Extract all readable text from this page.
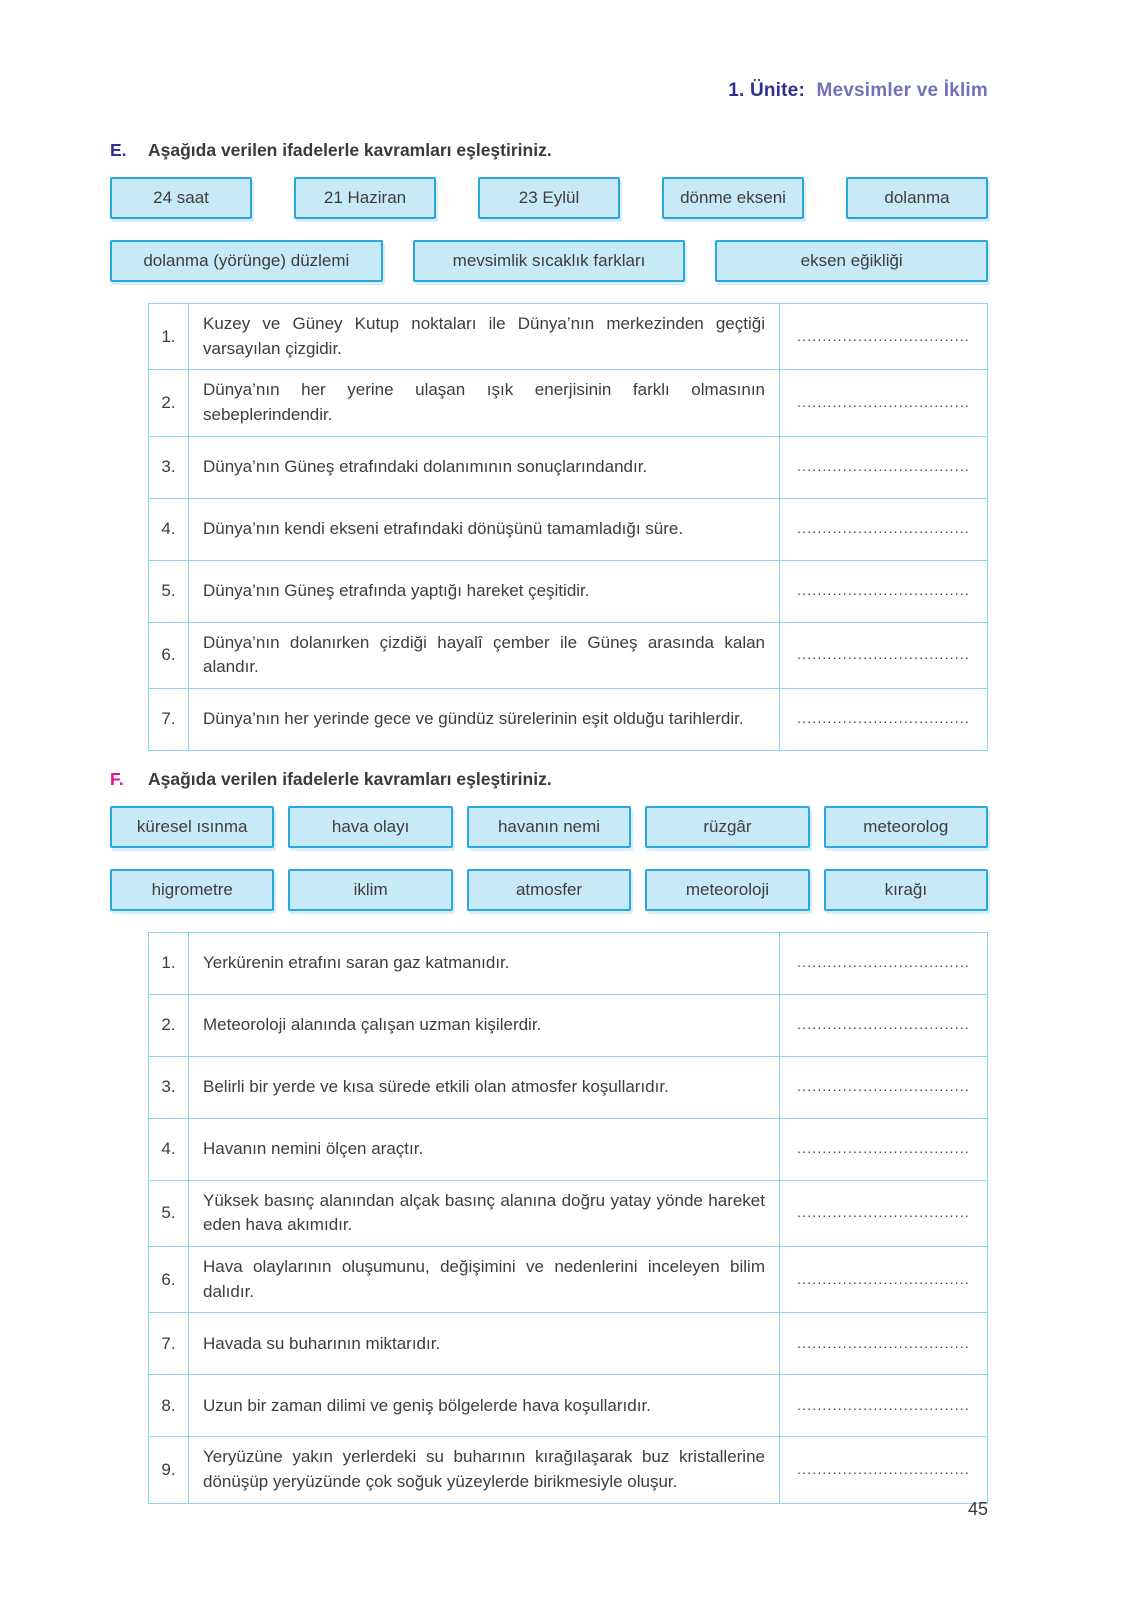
1. Ünite: Mevsimler ve İklim
E.	Aşağıda verilen ifadelerle kavramları eşleştiriniz.
24 saat	21 Haziran	23 Eylül	dönme ekseni	dolanma
dolanma (yörünge) düzlemi	mevsimlik sıcaklık farkları	eksen eğikliği
1.	Kuzey ve Güney Kutup noktaları ile Dünya’nın merkezinden geçtiği varsayılan çizgidir.	..................................
2.	Dünya’nın her yerine ulaşan ışık enerjisinin farklı olmasının sebeplerindendir.	..................................
3.	Dünya’nın Güneş etrafındaki dolanımının sonuçlarındandır.	..................................
4.	Dünya’nın kendi ekseni etrafındaki dönüşünü tamamladığı süre.	..................................
5.	Dünya’nın Güneş etrafında yaptığı hareket çeşitidir.	..................................
6.	Dünya’nın dolanırken çizdiği hayalî çember ile Güneş arasında kalan alandır.	..................................
7.	Dünya’nın her yerinde gece ve gündüz sürelerinin eşit olduğu tarihlerdir.	..................................
F.	Aşağıda verilen ifadelerle kavramları eşleştiriniz.
küresel ısınma	hava olayı	havanın nemi	rüzgâr	meteorolog
higrometre	iklim	atmosfer	meteoroloji	kırağı
1.	Yerkürenin etrafını saran gaz katmanıdır.	..................................
2.	Meteoroloji alanında çalışan uzman kişilerdir.	..................................
3.	Belirli bir yerde ve kısa sürede etkili olan atmosfer koşullarıdır.	..................................
4.	Havanın nemini ölçen araçtır.	..................................
5.	Yüksek basınç alanından alçak basınç alanına doğru yatay yönde hareket eden hava akımıdır.	..................................
6.	Hava olaylarının oluşumunu, değişimini ve nedenlerini inceleyen bilim dalıdır.	..................................
7.	Havada su buharının miktarıdır.	..................................
8.	Uzun bir zaman dilimi ve geniş bölgelerde hava koşullarıdır.	..................................
9.	Yeryüzüne yakın yerlerdeki su buharının kırağılaşarak buz kristallerine dönüşüp yeryüzünde çok soğuk yüzeylerde birikmesiyle oluşur.	..................................
45
